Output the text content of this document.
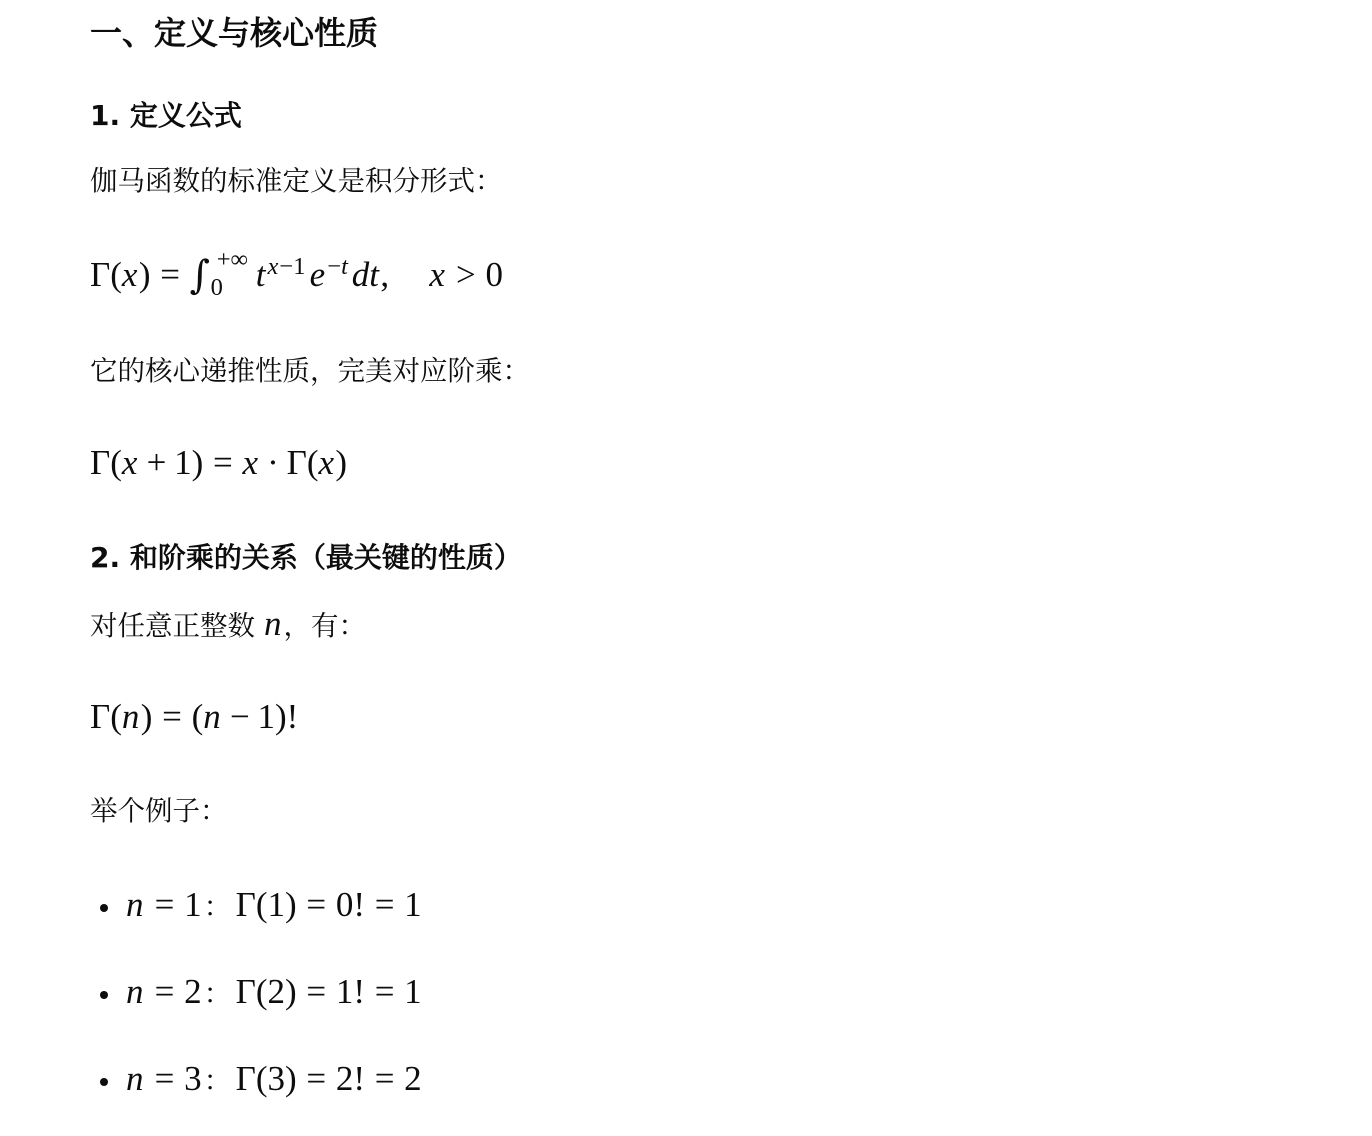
一、定义与核心性质
1. 定义公式

伽马函数的标准定义是积分形式：

Γ( x ) = ∫ +∞
0 t x−1 e −t dt , x > 0

它的核心递推性质，完美对应阶乘：

Γ( x + 1) = x · Γ( x )
2. 和阶乘的关系（最关键的性质）

对任意正整数 n，有：

Γ( n ) = ( n − 1)!

举个例子：

n = 1 ： Γ(1) = 0! = 1
n = 2 ： Γ(2) = 1! = 1
n = 3 ： Γ(3) = 2! = 2
